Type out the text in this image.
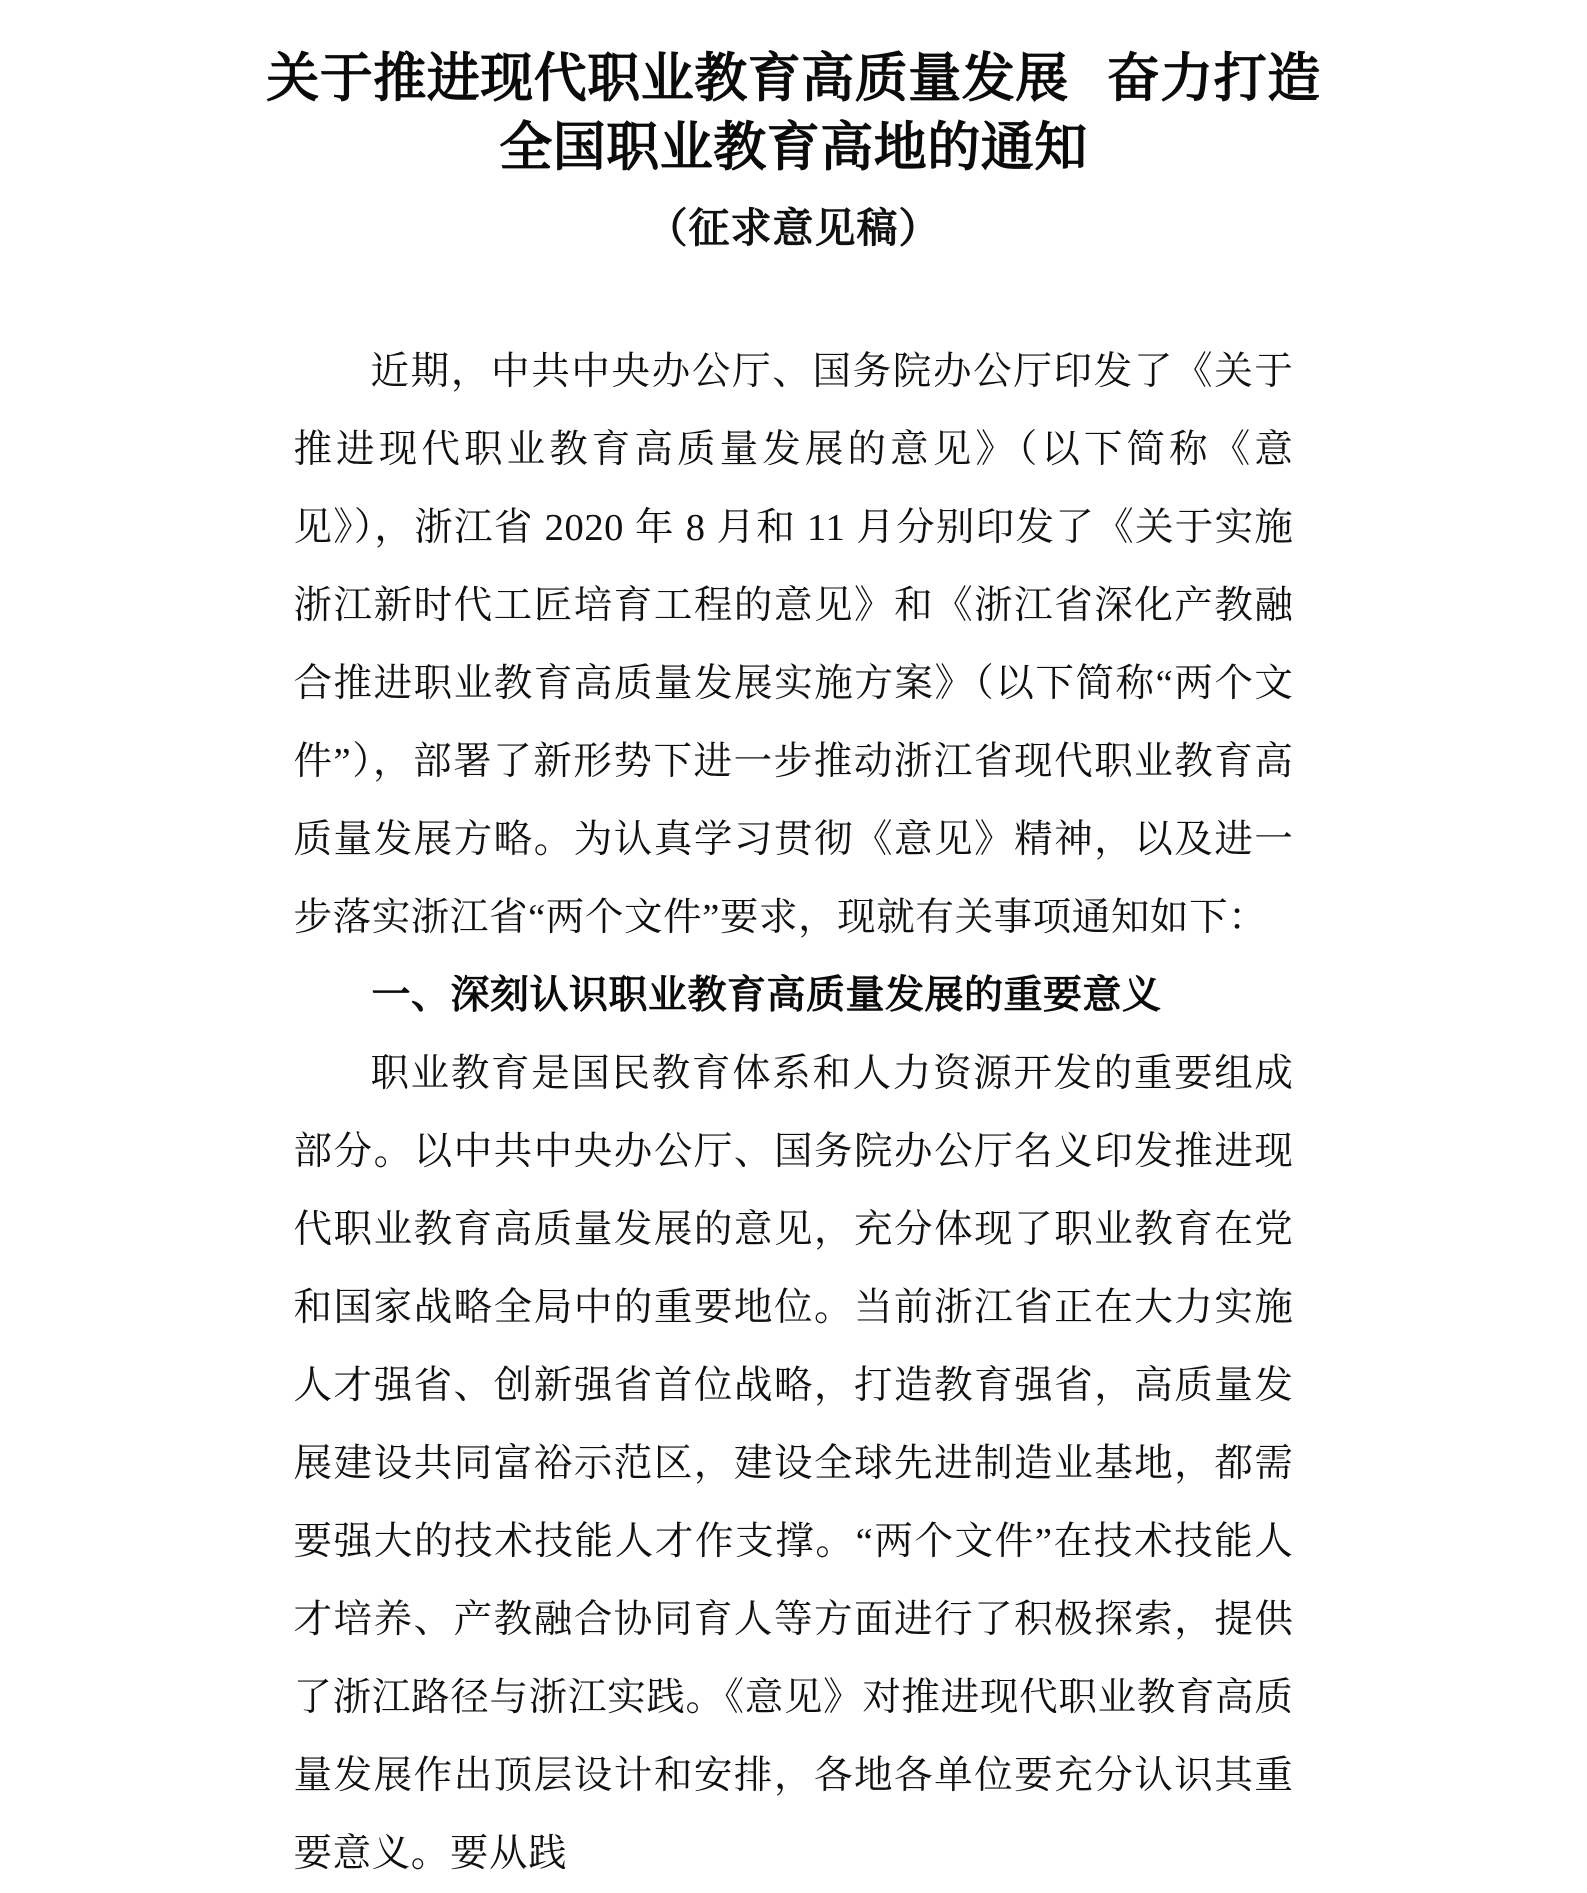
关于推进现代职业教育高质量发展  奋力打造
全国职业教育高地的通知
（征求意见稿）

近期，中共中央办公厅、国务院办公厅印发了《关于推进现代职业教育高质量发展的意见》（以下简称《意见》），浙江省 2020 年 8 月和 11 月分别印发了《关于实施浙江新时代工匠培育工程的意见》和《浙江省深化产教融合推进职业教育高质量发展实施方案》（以下简称“两个文件”），部署了新形势下进一步推动浙江省现代职业教育高质量发展方略。为认真学习贯彻《意见》精神，以及进一步落实浙江省“两个文件”要求，现就有关事项通知如下：

一、深刻认识职业教育高质量发展的重要意义

职业教育是国民教育体系和人力资源开发的重要组成部分。以中共中央办公厅、国务院办公厅名义印发推进现代职业教育高质量发展的意见，充分体现了职业教育在党和国家战略全局中的重要地位。当前浙江省正在大力实施人才强省、创新强省首位战略，打造教育强省，高质量发展建设共同富裕示范区，建设全球先进制造业基地，都需要强大的技术技能人才作支撑。“两个文件”在技术技能人才培养、产教融合协同育人等方面进行了积极探索，提供了浙江路径与浙江实践。《意见》对推进现代职业教育高质量发展作出顶层设计和安排，各地各单位要充分认识其重要意义。要从践
